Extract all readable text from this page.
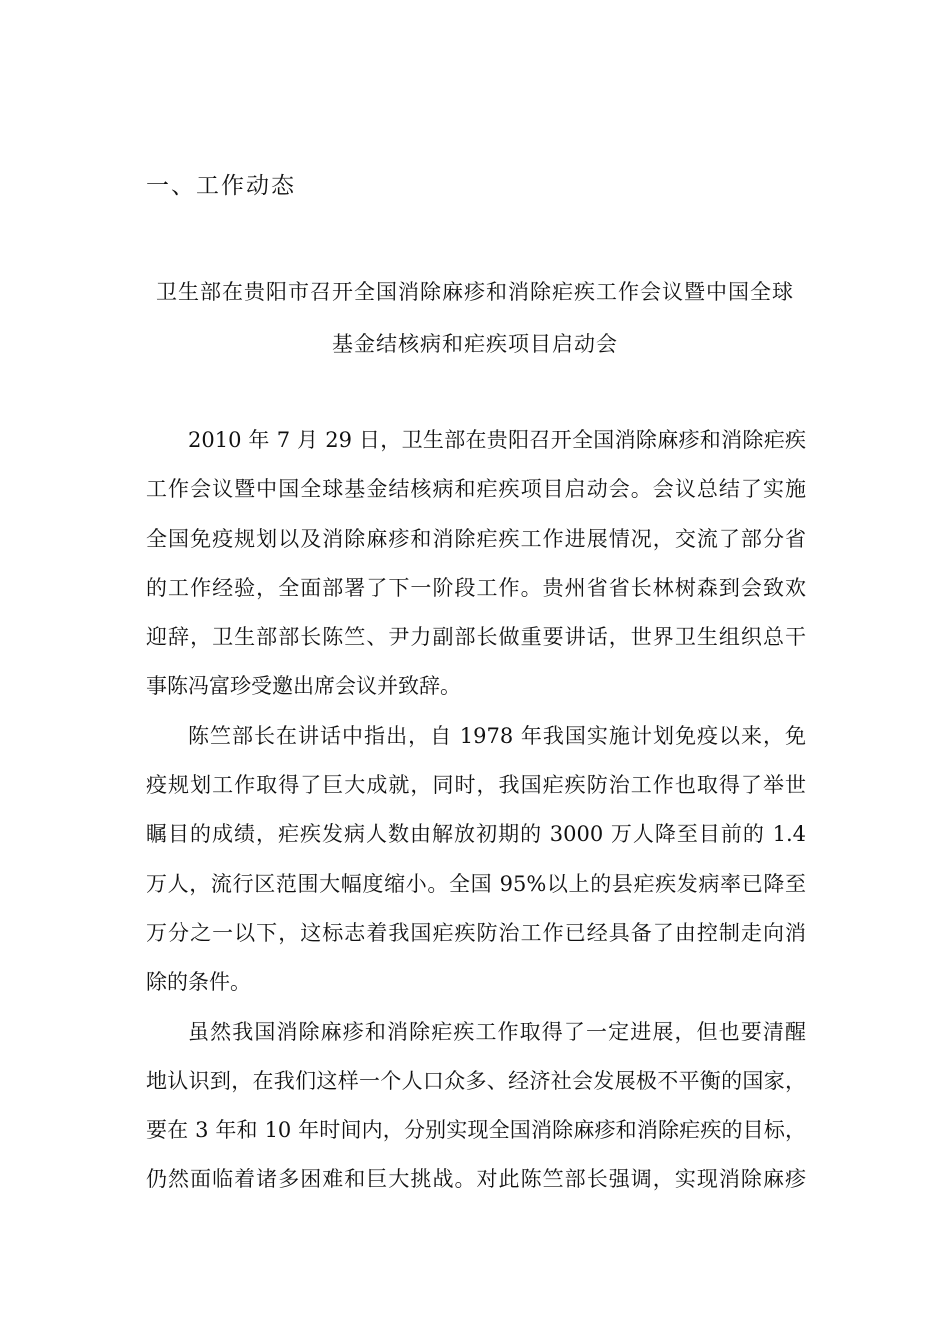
一、工作动态
卫生部在贵阳市召开全国消除麻疹和消除疟疾工作会议暨中国全球
基金结核病和疟疾项目启动会
2010 年 7 月 29 日，卫生部在贵阳召开全国消除麻疹和消除疟疾
工作会议暨中国全球基金结核病和疟疾项目启动会。会议总结了实施
全国免疫规划以及消除麻疹和消除疟疾工作进展情况，交流了部分省
的工作经验，全面部署了下一阶段工作。贵州省省长林树森到会致欢
迎辞，卫生部部长陈竺、尹力副部长做重要讲话，世界卫生组织总干
事陈冯富珍受邀出席会议并致辞。
陈竺部长在讲话中指出，自 1978 年我国实施计划免疫以来，免
疫规划工作取得了巨大成就，同时，我国疟疾防治工作也取得了举世
瞩目的成绩，疟疾发病人数由解放初期的 3000 万人降至目前的 1.4
万人，流行区范围大幅度缩小。全国 95%以上的县疟疾发病率已降至
万分之一以下，这标志着我国疟疾防治工作已经具备了由控制走向消
除的条件。
虽然我国消除麻疹和消除疟疾工作取得了一定进展，但也要清醒
地认识到，在我们这样一个人口众多、经济社会发展极不平衡的国家，
要在 3 年和 10 年时间内，分别实现全国消除麻疹和消除疟疾的目标，
仍然面临着诸多困难和巨大挑战。对此陈竺部长强调，实现消除麻疹
